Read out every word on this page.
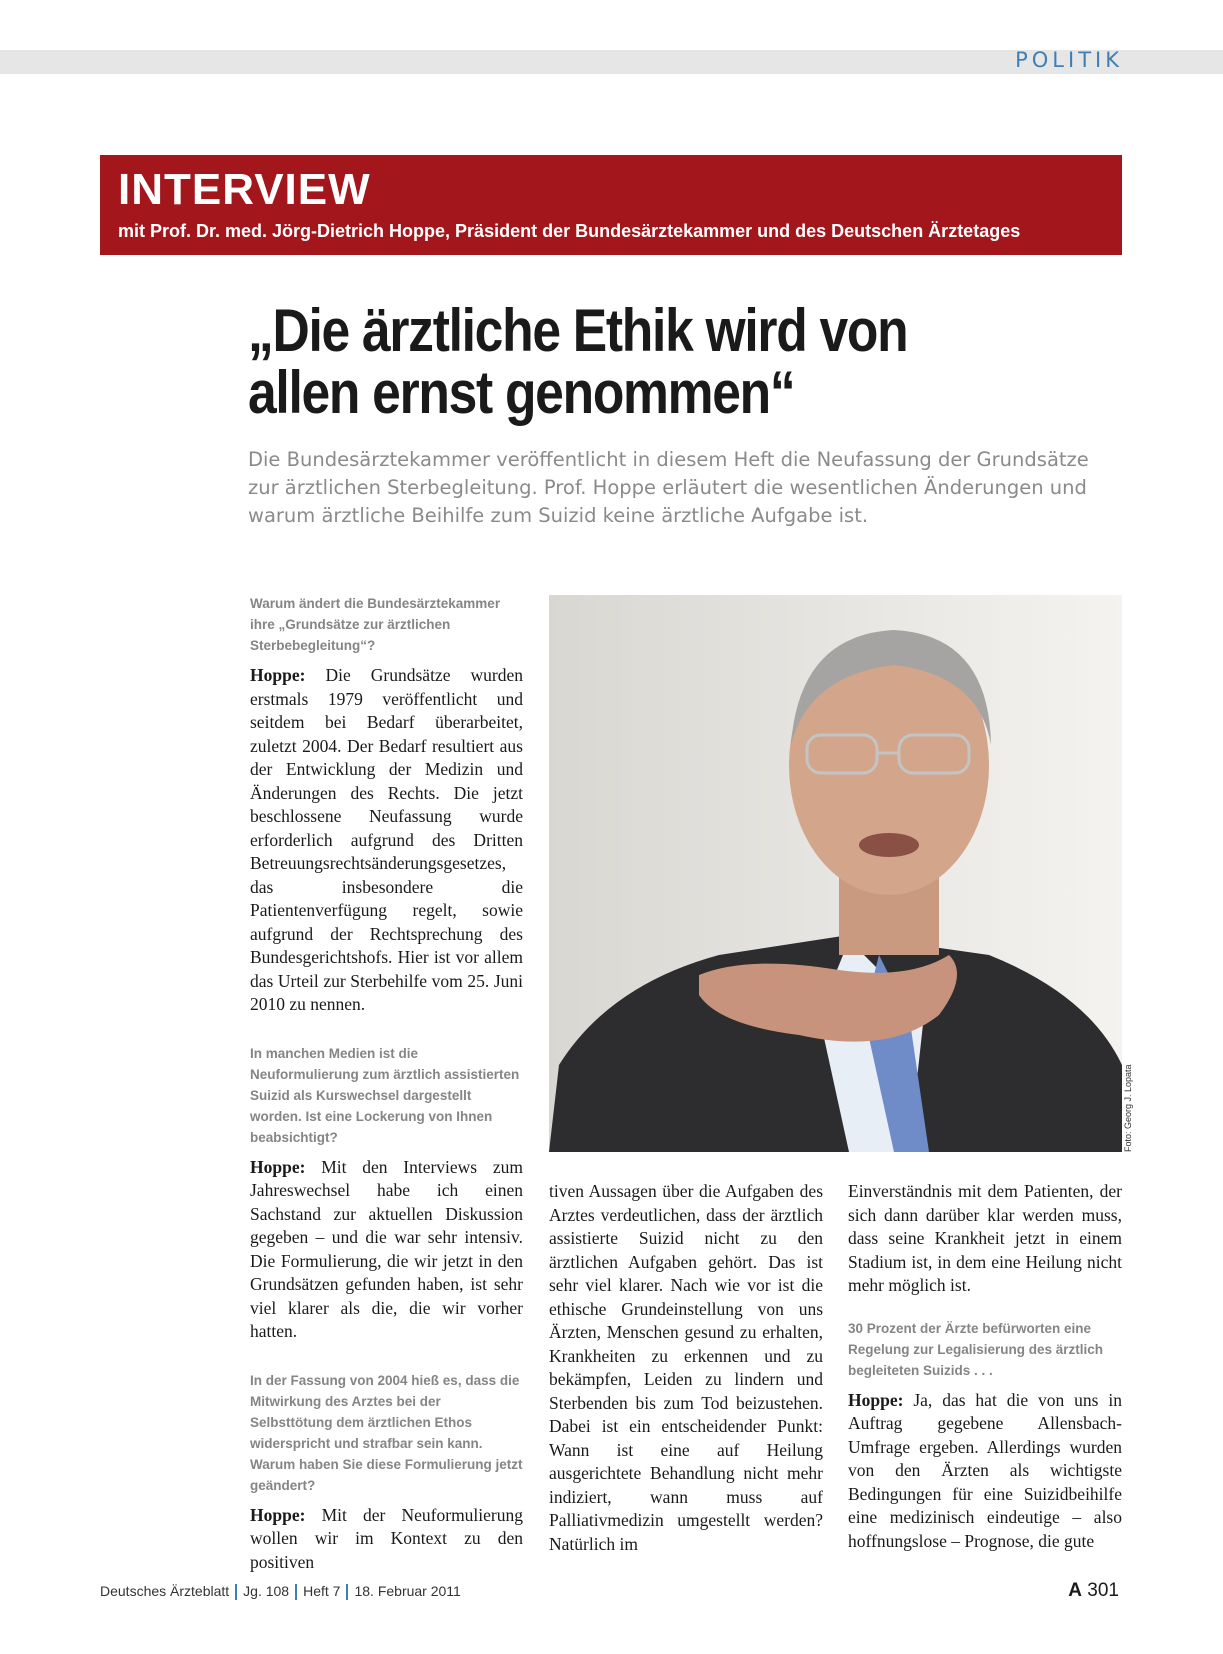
POLITIK
INTERVIEW
mit Prof. Dr. med. Jörg-Dietrich Hoppe, Präsident der Bundesärztekammer und des Deutschen Ärztetages
„Die ärztliche Ethik wird von allen ernst genommen“
Die Bundesärztekammer veröffentlicht in diesem Heft die Neufassung der Grundsätze zur ärztlichen Sterbegleitung. Prof. Hoppe erläutert die wesentlichen Änderungen und warum ärztliche Beihilfe zum Suizid keine ärztliche Aufgabe ist.
Warum ändert die Bundesärztekammer ihre „Grundsätze zur ärztlichen Sterbebegleitung“?

Hoppe: Die Grundsätze wurden erstmals 1979 veröffentlicht und seitdem bei Bedarf überarbeitet, zuletzt 2004. Der Bedarf resultiert aus der Entwicklung der Medizin und Änderungen des Rechts. Die jetzt beschlossene Neufassung wurde erforderlich aufgrund des Dritten Betreuungsrechtsänderungsgesetzes, das insbesondere die Patientenverfügung regelt, sowie aufgrund der Rechtsprechung des Bundesgerichtshofs. Hier ist vor allem das Urteil zur Sterbehilfe vom 25. Juni 2010 zu nennen.

In manchen Medien ist die Neuformulierung zum ärztlich assistierten Suizid als Kurswechsel dargestellt worden. Ist eine Lockerung von Ihnen beabsichtigt?

Hoppe: Mit den Interviews zum Jahreswechsel habe ich einen Sachstand zur aktuellen Diskussion gegeben – und die war sehr intensiv. Die Formulierung, die wir jetzt in den Grundsätzen gefunden haben, ist sehr viel klarer als die, die wir vorher hatten.

In der Fassung von 2004 hieß es, dass die Mitwirkung des Arztes bei der Selbsttötung dem ärztlichen Ethos widerspricht und strafbar sein kann. Warum haben Sie diese Formulierung jetzt geändert?

Hoppe: Mit der Neuformulierung wollen wir im Kontext zu den positiven

Foto: Georg J. Lopata

tiven Aussagen über die Aufgaben des Arztes verdeutlichen, dass der ärztlich assistierte Suizid nicht zu den ärztlichen Aufgaben gehört. Das ist sehr viel klarer. Nach wie vor ist die ethische Grundeinstellung von uns Ärzten, Menschen gesund zu erhalten, Krankheiten zu erkennen und zu bekämpfen, Leiden zu lindern und Sterbenden bis zum Tod beizustehen. Dabei ist ein entscheidender Punkt: Wann ist eine auf Heilung ausgerichtete Behandlung nicht mehr indiziert, wann muss auf Palliativmedizin umgestellt werden? Natürlich im

Einverständnis mit dem Patienten, der sich dann darüber klar werden muss, dass seine Krankheit jetzt in einem Stadium ist, in dem eine Heilung nicht mehr möglich ist.

30 Prozent der Ärzte befürworten eine Regelung zur Legalisierung des ärztlich begleiteten Suizids . . .

Hoppe: Ja, das hat die von uns in Auftrag gegebene Allensbach-Umfrage ergeben. Allerdings wurden von den Ärzten als wichtigste Bedingungen für eine Suizidbeihilfe eine medizinisch eindeutige – also hoffnungslose – Prognose, die gute

Deutsches Ärzteblatt Jg. 108 Heft 7 18. Februar 2011	A 301
